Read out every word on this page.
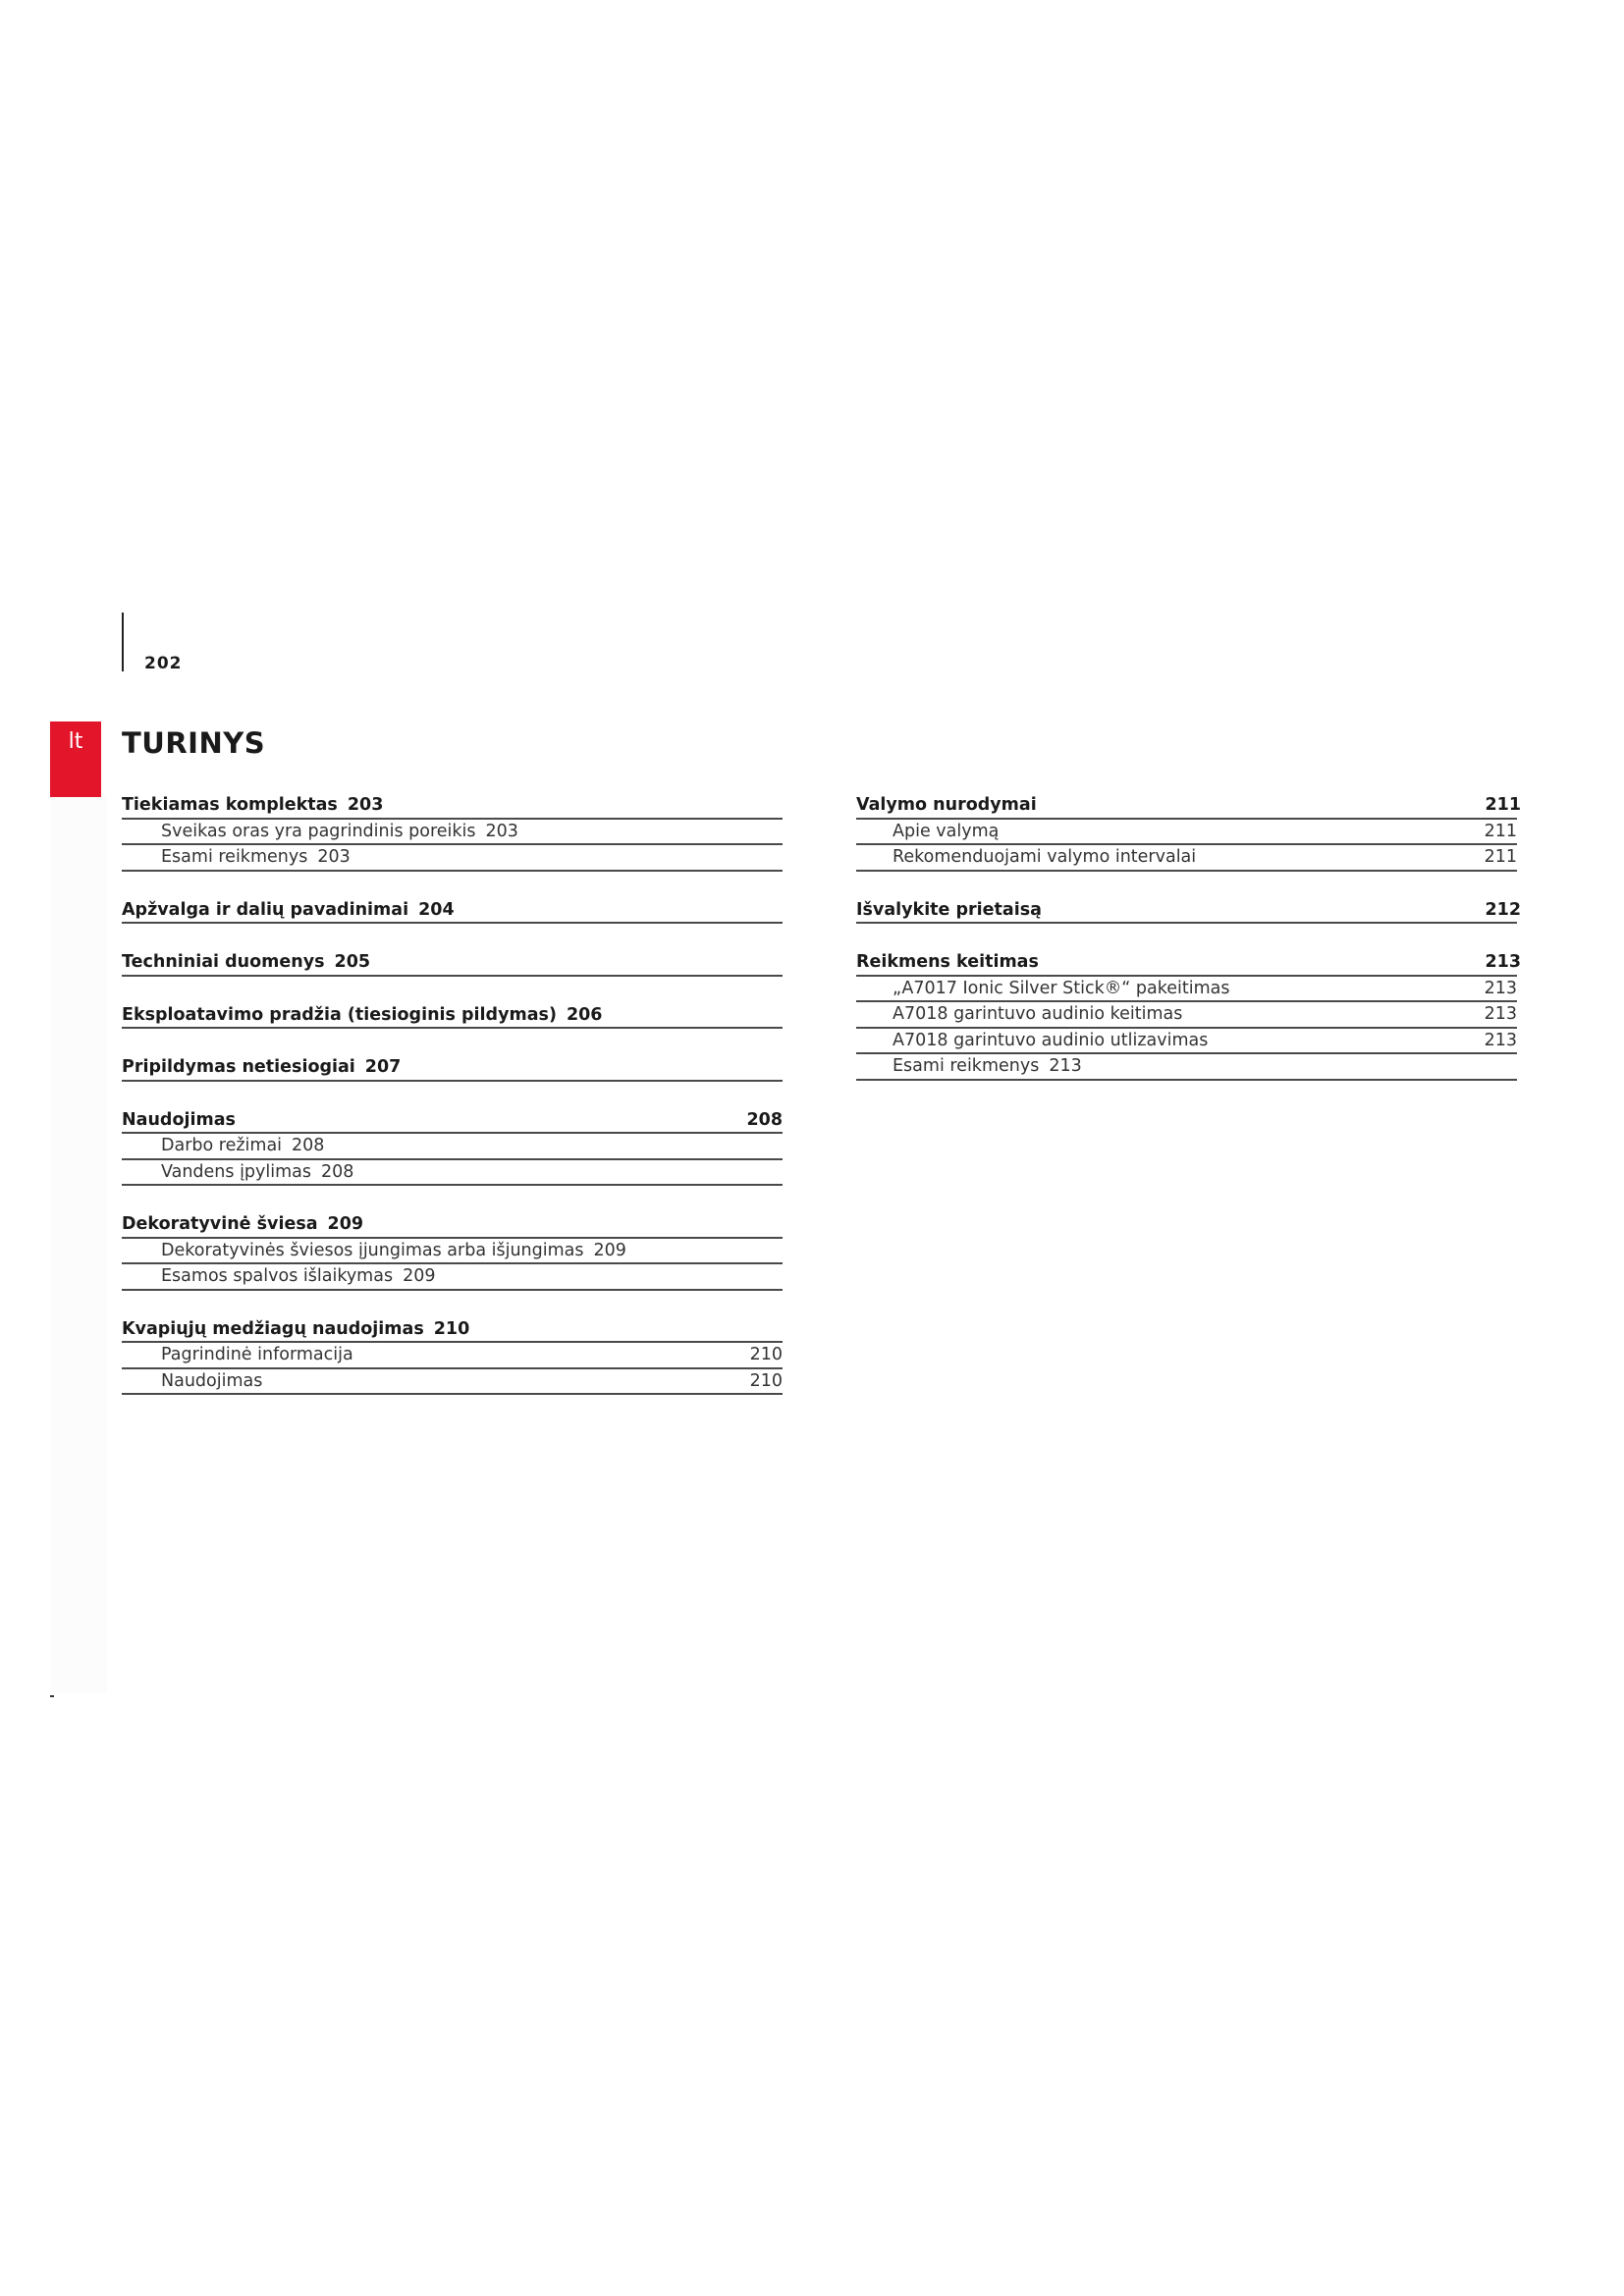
202
lt	TURINYS
Tiekiamas komplektas 203
Sveikas oras yra pagrindinis poreikis 203
Esami reikmenys 203
Apžvalga ir dalių pavadinimai 204
Techniniai duomenys 205
Eksploatavimo pradžia (tiesioginis pildymas) 206
Pripildymas netiesiogiai 207
Naudojimas	208
Darbo režimai 208
Vandens įpylimas 208
Dekoratyvinė šviesa 209
Dekoratyvinės šviesos įjungimas arba išjungimas 209
Esamos spalvos išlaikymas 209
Kvapiųjų medžiagų naudojimas 210
Pagrindinė informacija	210
Naudojimas	210
Valymo nurodymai	211
Apie valymą	211
Rekomenduojami valymo intervalai	211
Išvalykite prietaisą	212
Reikmens keitimas	213
„A7017 Ionic Silver Stick®“ pakeitimas	213
A7018 garintuvo audinio keitimas	213
A7018 garintuvo audinio utlizavimas	213
Esami reikmenys 213
